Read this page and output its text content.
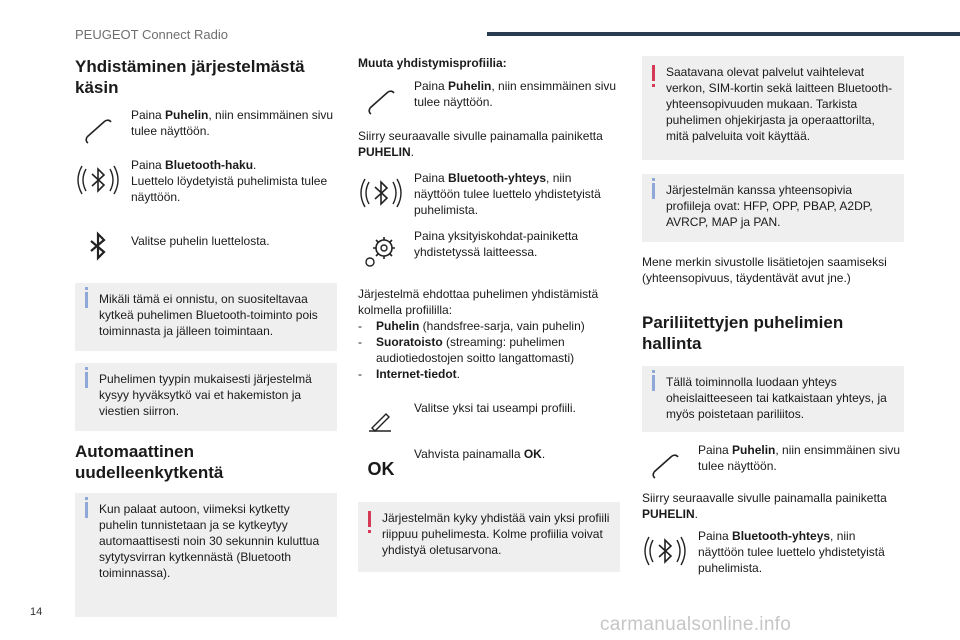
PEUGEOT Connect Radio
Yhdistäminen järjestelmästä käsin
Paina Puhelin, niin ensimmäinen sivu tulee näyttöön.
Paina Bluetooth-haku.
Luettelo löydetyistä puhelimista tulee näyttöön.
Valitse puhelin luettelosta.
Mikäli tämä ei onnistu, on suositeltavaa kytkeä puhelimen Bluetooth-toiminto pois toiminnasta ja jälleen toimintaan.
Puhelimen tyypin mukaisesti järjestelmä kysyy hyväksytkö vai et hakemiston ja viestien siirron.
Automaattinen uudelleenkytkentä
Kun palaat autoon, viimeksi kytketty puhelin tunnistetaan ja se kytkeytyy automaattisesti noin 30 sekunnin kuluttua sytytysvirran kytkennästä (Bluetooth toiminnassa).
Muuta yhdistymisprofiilia:
Paina Puhelin, niin ensimmäinen sivu tulee näyttöön.

Siirry seuraavalle sivulle painamalla painiketta PUHELIN.

Paina Bluetooth-yhteys, niin näyttöön tulee luettelo yhdistetyistä puhelimista.
Paina yksityiskohdat-painiketta yhdistetyssä laitteessa.

Järjestelmä ehdottaa puhelimen yhdistämistä kolmella profiililla:

- Puhelin (handsfree-sarja, vain puhelin)
- Suoratoisto (streaming: puhelimen audiotiedostojen soitto langattomasti)
- Internet-tiedot.
Valitse yksi tai useampi profiili.
OK
Vahvista painamalla OK.
Järjestelmän kyky yhdistää vain yksi profiili riippuu puhelimesta. Kolme profiilia voivat yhdistyä oletusarvona.
Saatavana olevat palvelut vaihtelevat verkon, SIM-kortin sekä laitteen Bluetooth-yhteensopivuuden mukaan. Tarkista puhelimen ohjekirjasta ja operaattorilta, mitä palveluita voit käyttää.
Järjestelmän kanssa yhteensopivia profiileja ovat: HFP, OPP, PBAP, A2DP, AVRCP, MAP ja PAN.

Mene merkin sivustolle lisätietojen saamiseksi (yhteensopivuus, täydentävät avut jne.)

Pariliitettyjen puhelimien hallinta
Tällä toiminnolla luodaan yhteys oheislaitteeseen tai katkaistaan yhteys, ja myös poistetaan pariliitos.
Paina Puhelin, niin ensimmäinen sivu tulee näyttöön.

Siirry seuraavalle sivulle painamalla painiketta PUHELIN.

Paina Bluetooth-yhteys, niin näyttöön tulee luettelo yhdistetyistä puhelimista.
14
carmanualsonline.info
